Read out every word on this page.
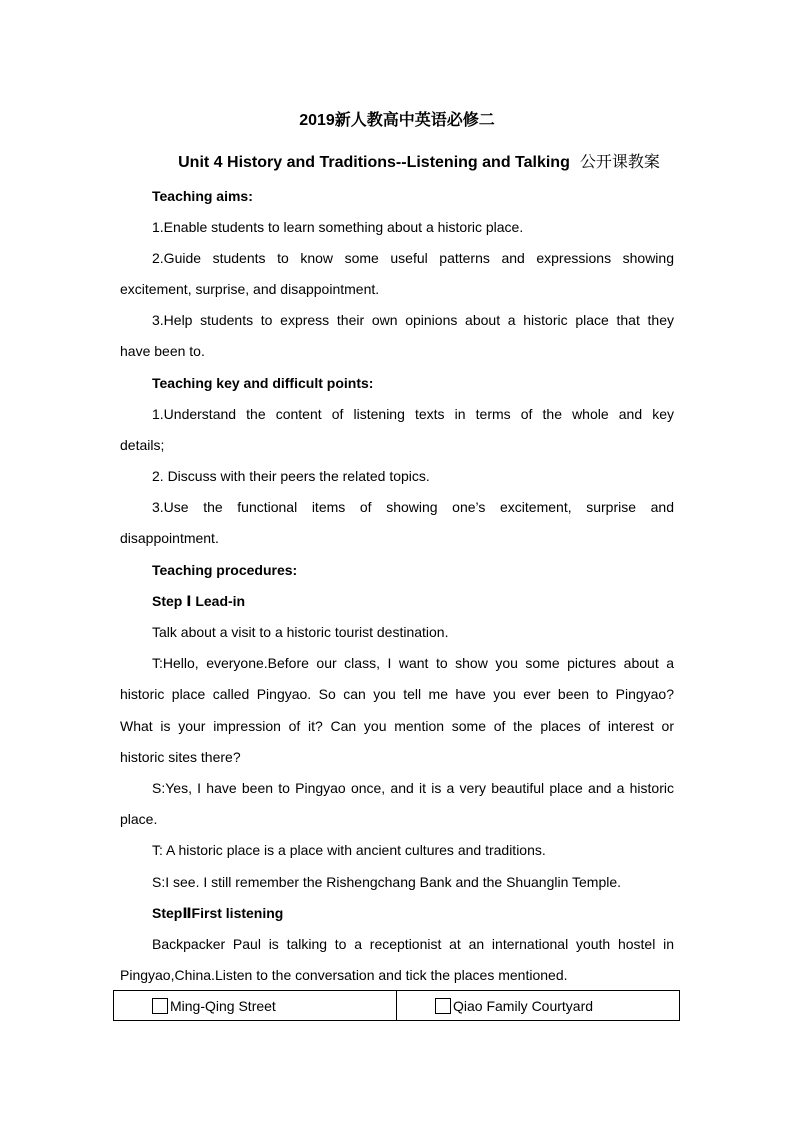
2019新人教高中英语必修二
Unit 4 History and Traditions--Listening and Talking 公开课教案
Teaching aims:
1.Enable students to learn something about a historic place.
2.Guide students to know some useful patterns and expressions showing
excitement, surprise, and disappointment.
3.Help students to express their own opinions about a historic place that they
have been to.
Teaching key and difficult points:
1.Understand the content of listening texts in terms of the whole and key
details;
2. Discuss with their peers the related topics.
3.Use the functional items of showing one’s excitement, surprise and
disappointment.
Teaching procedures:
Step Ⅰ Lead-in
Talk about a visit to a historic tourist destination.
T:Hello, everyone.Before our class, I want to show you some pictures about a
historic place called Pingyao. So can you tell me have you ever been to Pingyao?
What is your impression of it? Can you mention some of the places of interest or
historic sites there?
S:Yes, I have been to Pingyao once, and it is a very beautiful place and a historic
place.
T: A historic place is a place with ancient cultures and traditions.
S:I see. I still remember the Rishengchang Bank and the Shuanglin Temple.
StepⅡFirst listening
Backpacker Paul is talking to a receptionist at an international youth hostel in
Pingyao,China.Listen to the conversation and tick the places mentioned.
Ming-Qing Street	Qiao Family Courtyard
